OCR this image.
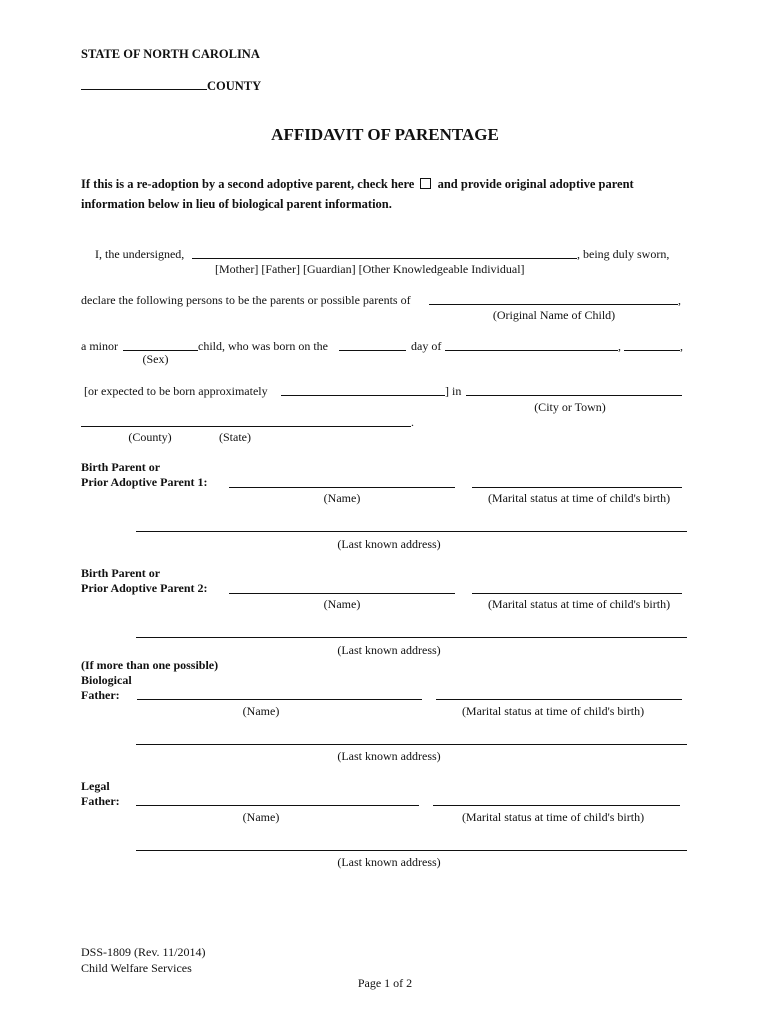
STATE OF NORTH CAROLINA
COUNTY
AFFIDAVIT OF PARENTAGE
If this is a re-adoption by a second adoptive parent, check here and provide original adoptive parent information below in lieu of biological parent information.
I, the undersigned,	, being duly sworn,
[Mother] [Father] [Guardian] [Other Knowledgeable Individual]
declare the following persons to be the parents or possible parents of	,
(Original Name of Child)
a minor	child, who was born on the	day of	,	,
(Sex)
[or expected to be born approximately	] in
(City or Town)
.
(County)	(State)
Birth Parent or
Prior Adoptive Parent 1:
(Name)	(Marital status at time of child's birth)
(Last known address)
Birth Parent or
Prior Adoptive Parent 2:
(Name)	(Marital status at time of child's birth)
(Last known address)
(If more than one possible)
Biological
Father:
(Name)	(Marital status at time of child's birth)
(Last known address)
Legal
Father:
(Name)	(Marital status at time of child's birth)
(Last known address)
DSS-1809 (Rev. 11/2014)
Child Welfare Services
Page 1 of 2
